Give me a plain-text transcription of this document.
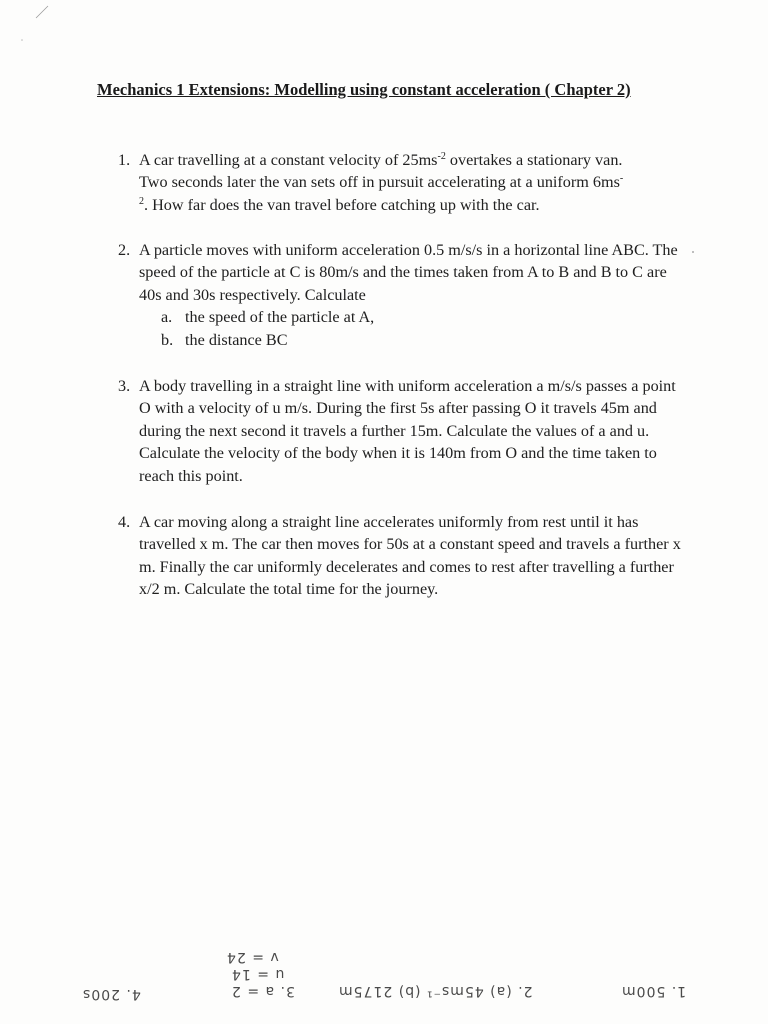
Mechanics 1 Extensions: Modelling using constant acceleration ( Chapter 2)
1. A car travelling at a constant velocity of $25ms^{-2}$ overtakes a stationary van.
Two seconds later the van sets off in pursuit accelerating at a uniform 6ms-
$^2$. How far does the van travel before catching up with the car.
2. A particle moves with uniform acceleration 0.5 m/s/s in a horizontal line ABC. The speed of the particle at C is 80m/s and the times taken from A to B and B to C are 40s and 30s respectively. Calculate
a. the speed of the particle at A,
b. the distance BC
3. A body travelling in a straight line with uniform acceleration a m/s/s passes a point O with a velocity of u m/s. During the first 5s after passing O it travels 45m and during the next second it travels a further 15m. Calculate the values of a and u. Calculate the velocity of the body when it is 140m from O and the time taken to reach this point.
4. A car moving along a straight line accelerates uniformly from rest until it has travelled x m. The car then moves for 50s at a constant speed and travels a further x m. Finally the car uniformly decelerates and comes to rest after travelling a further x/2 m. Calculate the total time for the journey.
1. 500m
2. (a) 45ms⁻¹ (b) 2175m
3. a = 2
u = 14
v = 24
4. 200s
